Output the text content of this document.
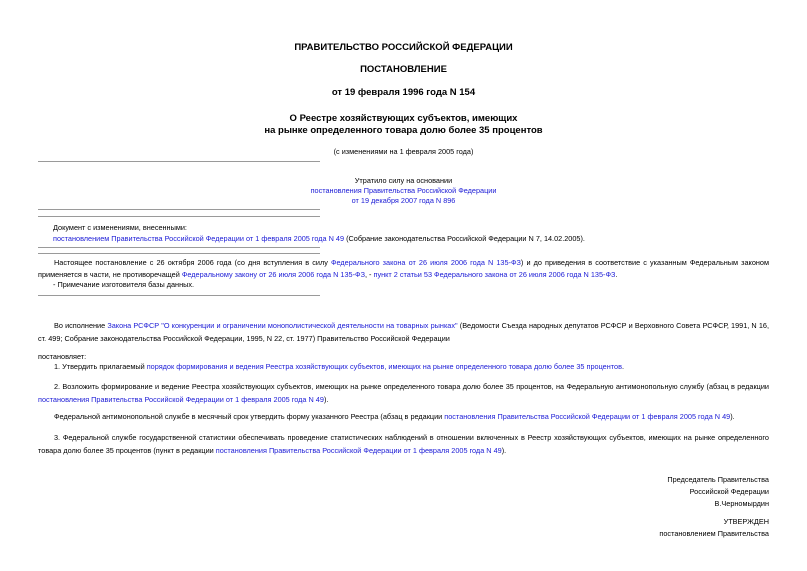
ПРАВИТЕЛЬСТВО РОССИЙСКОЙ ФЕДЕРАЦИИ
ПОСТАНОВЛЕНИЕ
от 19 февраля 1996 года N 154
О Реестре хозяйствующих субъектов, имеющих
на рынке определенного товара долю более 35 процентов
(с изменениями на 1 февраля 2005 года)
Утратило силу на основании
постановления Правительства Российской Федерации
от 19 декабря 2007 года N 896
Документ с изменениями, внесенными:
постановлением Правительства Российской Федерации от 1 февраля 2005 года N 49 (Собрание законодательства Российской Федерации N 7, 14.02.2005).
Настоящее постановление с 26 октября 2006 года (со дня вступления в силу Федерального закона от 26 июля 2006 года N 135-ФЗ) и до приведения в соответствие с указанным Федеральным законом применяется в части, не противоречащей Федеральному закону от 26 июля 2006 года N 135-ФЗ, - пункт 2 статьи 53 Федерального закона от 26 июля 2006 года N 135-ФЗ.
- Примечание изготовителя базы данных.
Во исполнение Закона РСФСР "О конкуренции и ограничении монополистической деятельности на товарных рынках" (Ведомости Съезда народных депутатов РСФСР и Верховного Совета РСФСР, 1991, N 16, ст. 499; Собрание законодательства Российской Федерации, 1995, N 22, ст. 1977) Правительство Российской Федерации
постановляет:
1. Утвердить прилагаемый порядок формирования и ведения Реестра хозяйствующих субъектов, имеющих на рынке определенного товара долю более 35 процентов.
2. Возложить формирование и ведение Реестра хозяйствующих субъектов, имеющих на рынке определенного товара долю более 35 процентов, на Федеральную антимонопольную службу (абзац в редакции постановления Правительства Российской Федерации от 1 февраля 2005 года N 49).
Федеральной антимонопольной службе в месячный срок утвердить форму указанного Реестра (абзац в редакции постановления Правительства Российской Федерации от 1 февраля 2005 года N 49).
3. Федеральной службе государственной статистики обеспечивать проведение статистических наблюдений в отношении включенных в Реестр хозяйствующих субъектов, имеющих на рынке определенного товара долю более 35 процентов (пункт в редакции постановления Правительства Российской Федерации от 1 февраля 2005 года N 49).
Председатель Правительства
Российской Федерации
В.Черномырдин
УТВЕРЖДЕН
постановлением Правительства
